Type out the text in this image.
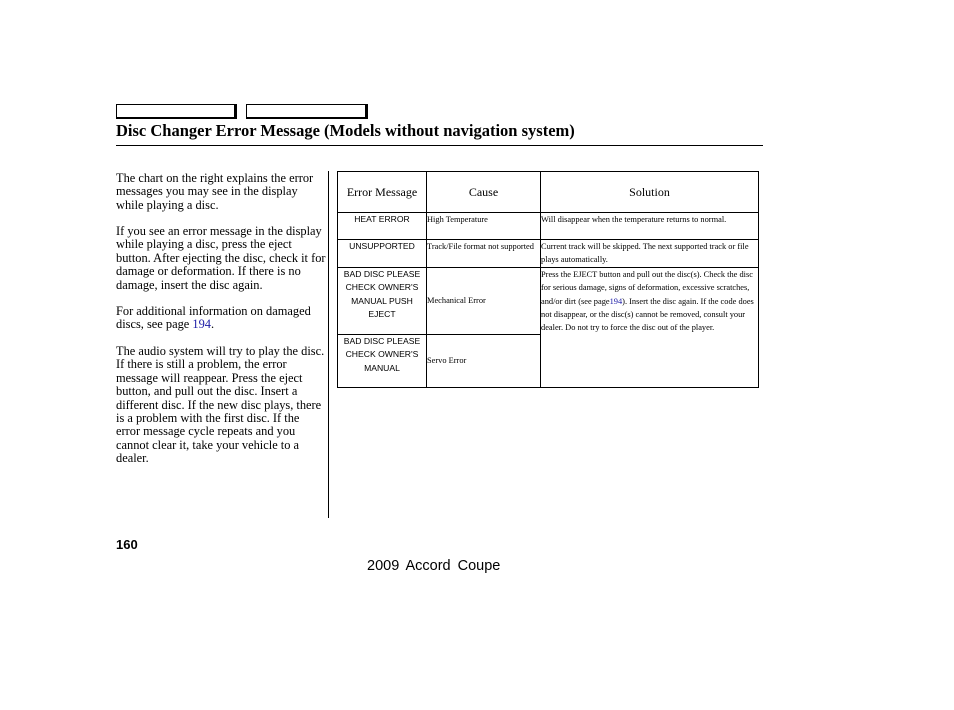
Disc Changer Error Message (Models without navigation system)

The chart on the right explains the error messages you may see in the display while playing a disc.

If you see an error message in the display while playing a disc, press the eject button. After ejecting the disc, check it for damage or deformation. If there is no damage, insert the disc again.

For additional information on damaged discs, see page 194.

The audio system will try to play the disc. If there is still a problem, the error message will reappear. Press the eject button, and pull out the disc. Insert a different disc. If the new disc plays, there is a problem with the first disc. If the error message cycle repeats and you cannot clear it, take your vehicle to a dealer.

Error Message	Cause	Solution
HEAT ERROR	High Temperature	Will disappear when the temperature returns to normal.
UNSUPPORTED	Track/File format not supported	Current track will be skipped. The next supported track or file plays automatically.
BAD DISC PLEASE CHECK OWNER'S MANUAL PUSH EJECT	Mechanical Error	Press the EJECT button and pull out the disc(s). Check the disc for serious damage, signs of deformation, excessive scratches, and/or dirt (see page194). Insert the disc again. If the code does not disappear, or the disc(s) cannot be removed, consult your dealer. Do not try to force the disc out of the player.
BAD DISC PLEASE CHECK OWNER'S MANUAL	Servo Error	
160
2009 Accord Coupe
